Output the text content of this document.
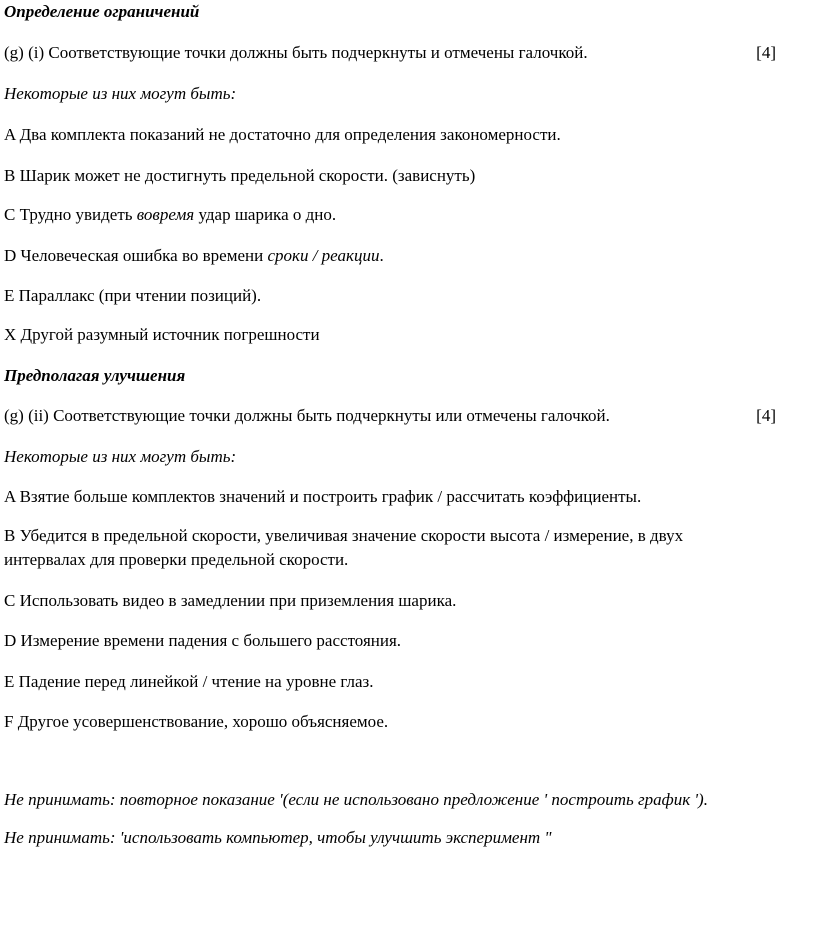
Определение ограничений
(g) (i) Соответствующие точки должны быть подчеркнуты и отмечены галочкой.	[4]
Некоторые из них могут быть:
A Два комплекта показаний не достаточно для определения закономерности.
B Шарик может не достигнуть предельной скорости. (зависнуть)
C Трудно увидеть вовремя удар шарика о дно.
D Человеческая ошибка во времени сроки / реакции.
E Параллакс (при чтении позиций).
X Другой разумный источник погрешности
Предполагая улучшения
(g) (ii) Соответствующие точки должны быть подчеркнуты или отмечены галочкой.	[4]
Некоторые из них могут быть:
A Взятие больше комплектов значений и построить график / рассчитать коэффициенты.
B Убедится в предельной скорости, увеличивая значение скорости высота / измерение, в двух интервалах для проверки предельной скорости.
C Использовать видео в замедлении при приземления шарика.
D Измерение времени падения с большего расстояния.
E Падение перед линейкой / чтение на уровне глаз.
F Другое усовершенствование, хорошо объясняемое.
Не принимать: повторное показание '(если не использовано предложение ' построить график ').
Не принимать: 'использовать компьютер, чтобы улучшить эксперимент "
